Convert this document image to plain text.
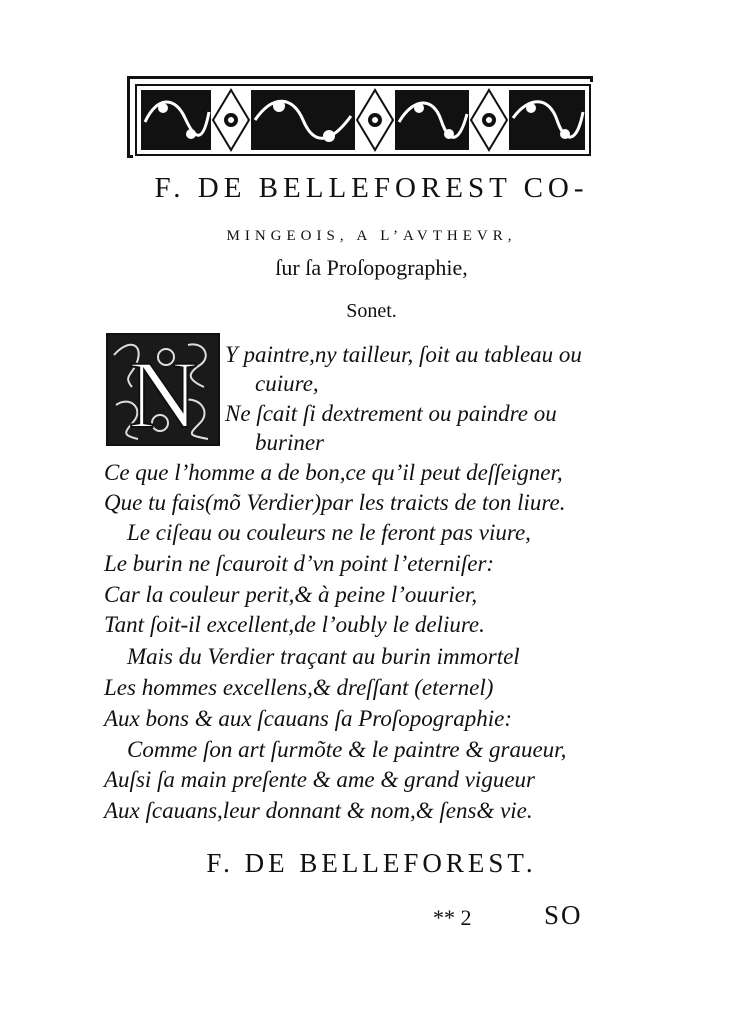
F. DE BELLEFOREST CO-
MINGEOIS, A L’AVTHEVR,
ſur ſa Proſopographie,
Sonet.
N Y paintre,ny tailleur, ſoit au tableau ou
cuiure,
Ne ſcait ſi dextrement ou paindre ou
buriner
Ce que l’homme a de bon,ce qu’il peut deſſeigner,
Que tu fais(mõ Verdier)par les traicts de ton liure.
Le ciſeau ou couleurs ne le feront pas viure,
Le burin ne ſcauroit d’vn point l’eterniſer:
Car la couleur perit,& à peine l’ouurier,
Tant ſoit-il excellent,de l’oubly le deliure.
Mais du Verdier traçant au burin immortel
Les hommes excellens,& dreſſant (eternel)
Aux bons & aux ſcauans ſa Proſopographie:
Comme ſon art ſurmõte & le paintre & graueur,
Auſsi ſa main preſente & ame & grand vigueur
Aux ſcauans,leur donnant & nom,& ſens& vie.
F. DE BELLEFOREST.
** 2	SO
